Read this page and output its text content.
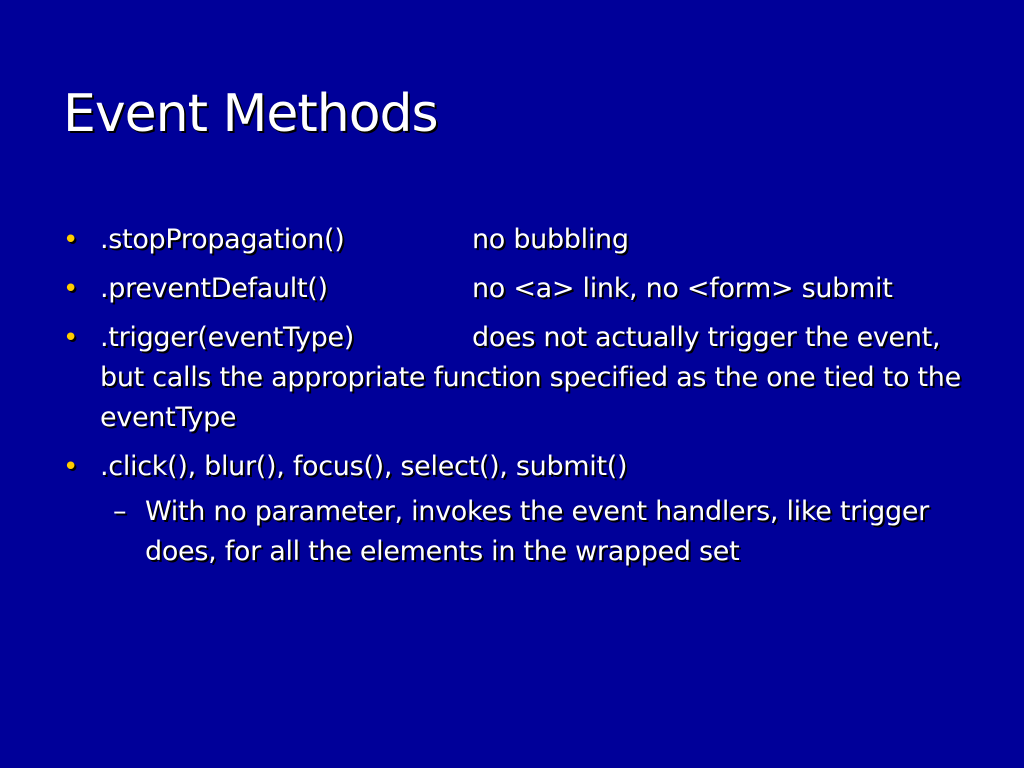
Event Methods
• .stopPropagation()	no bubbling
• .preventDefault()	no <a> link, no <form> submit
• .trigger(eventType)	does not actually trigger the event, but calls the appropriate function specified as the one tied to the eventType
• .click(), blur(), focus(), select(), submit()
– With no parameter, invokes the event handlers, like trigger does, for all the elements in the wrapped set
